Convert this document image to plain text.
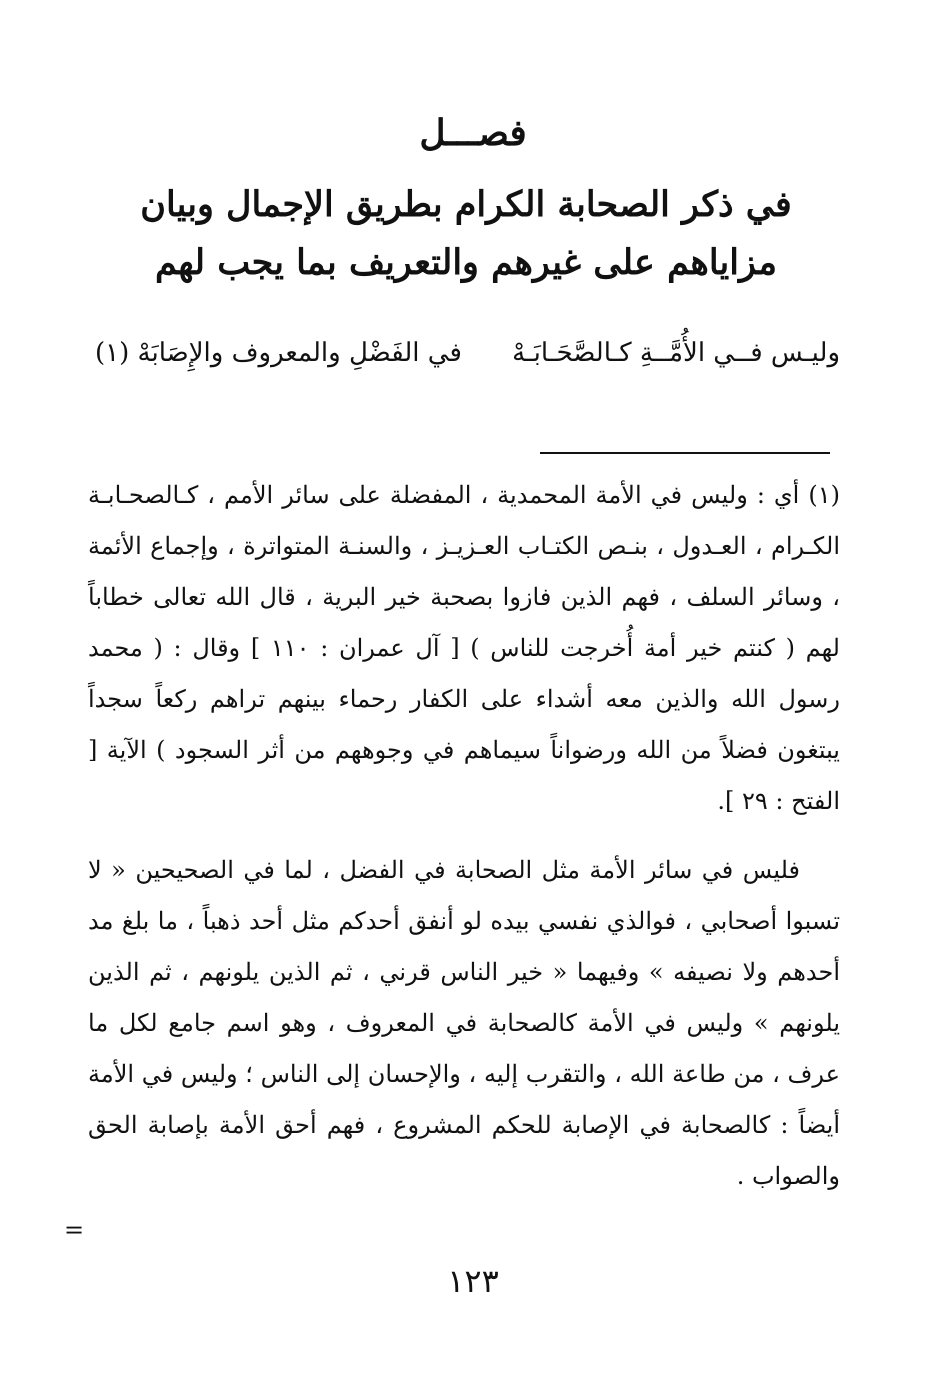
فصـــل
في ذكر الصحابة الكرام بطريق الإجمال وبيان مزاياهم على غيرهم والتعريف بما يجب لهم
وليـس فــي الأُمَّــةِ كـالصَّحَـابَـهْ
في الفَضْلِ والمعروف والإِصَابَهْ (١)

(١) أي : وليس في الأمة المحمدية ، المفضلة على سائر الأمم ، كـالصحـابـة الكـرام ، العـدول ، بنـص الكتـاب العـزيـز ، والسنـة المتواترة ، وإجماع الأئمة ، وسائر السلف ، فهم الذين فازوا بصحبة خير البرية ، قال الله تعالى خطاباً لهم ( كنتم خير أمة أُخرجت للناس ) [ آل عمران : ١١٠ ] وقال : ( محمد رسول الله والذين معه أشداء على الكفار رحماء بينهم تراهم ركعاً سجداً يبتغون فضلاً من الله ورضواناً سيماهم في وجوههم من أثر السجود ) الآية [ الفتح : ٢٩ ].

فليس في سائر الأمة مثل الصحابة في الفضل ، لما في الصحيحين « لا تسبوا أصحابي ، فوالذي نفسي بيده لو أنفق أحدكم مثل أحد ذهباً ، ما بلغ مد أحدهم ولا نصيفه » وفيهما « خير الناس قرني ، ثم الذين يلونهم ، ثم الذين يلونهم » وليس في الأمة كالصحابة في المعروف ، وهو اسم جامع لكل ما عرف ، من طاعة الله ، والتقرب إليه ، والإحسان إلى الناس ؛ وليس في الأمة أيضاً : كالصحابة في الإصابة للحكم المشروع ، فهم أحق الأمة بإصابة الحق والصواب .

=
١٢٣
